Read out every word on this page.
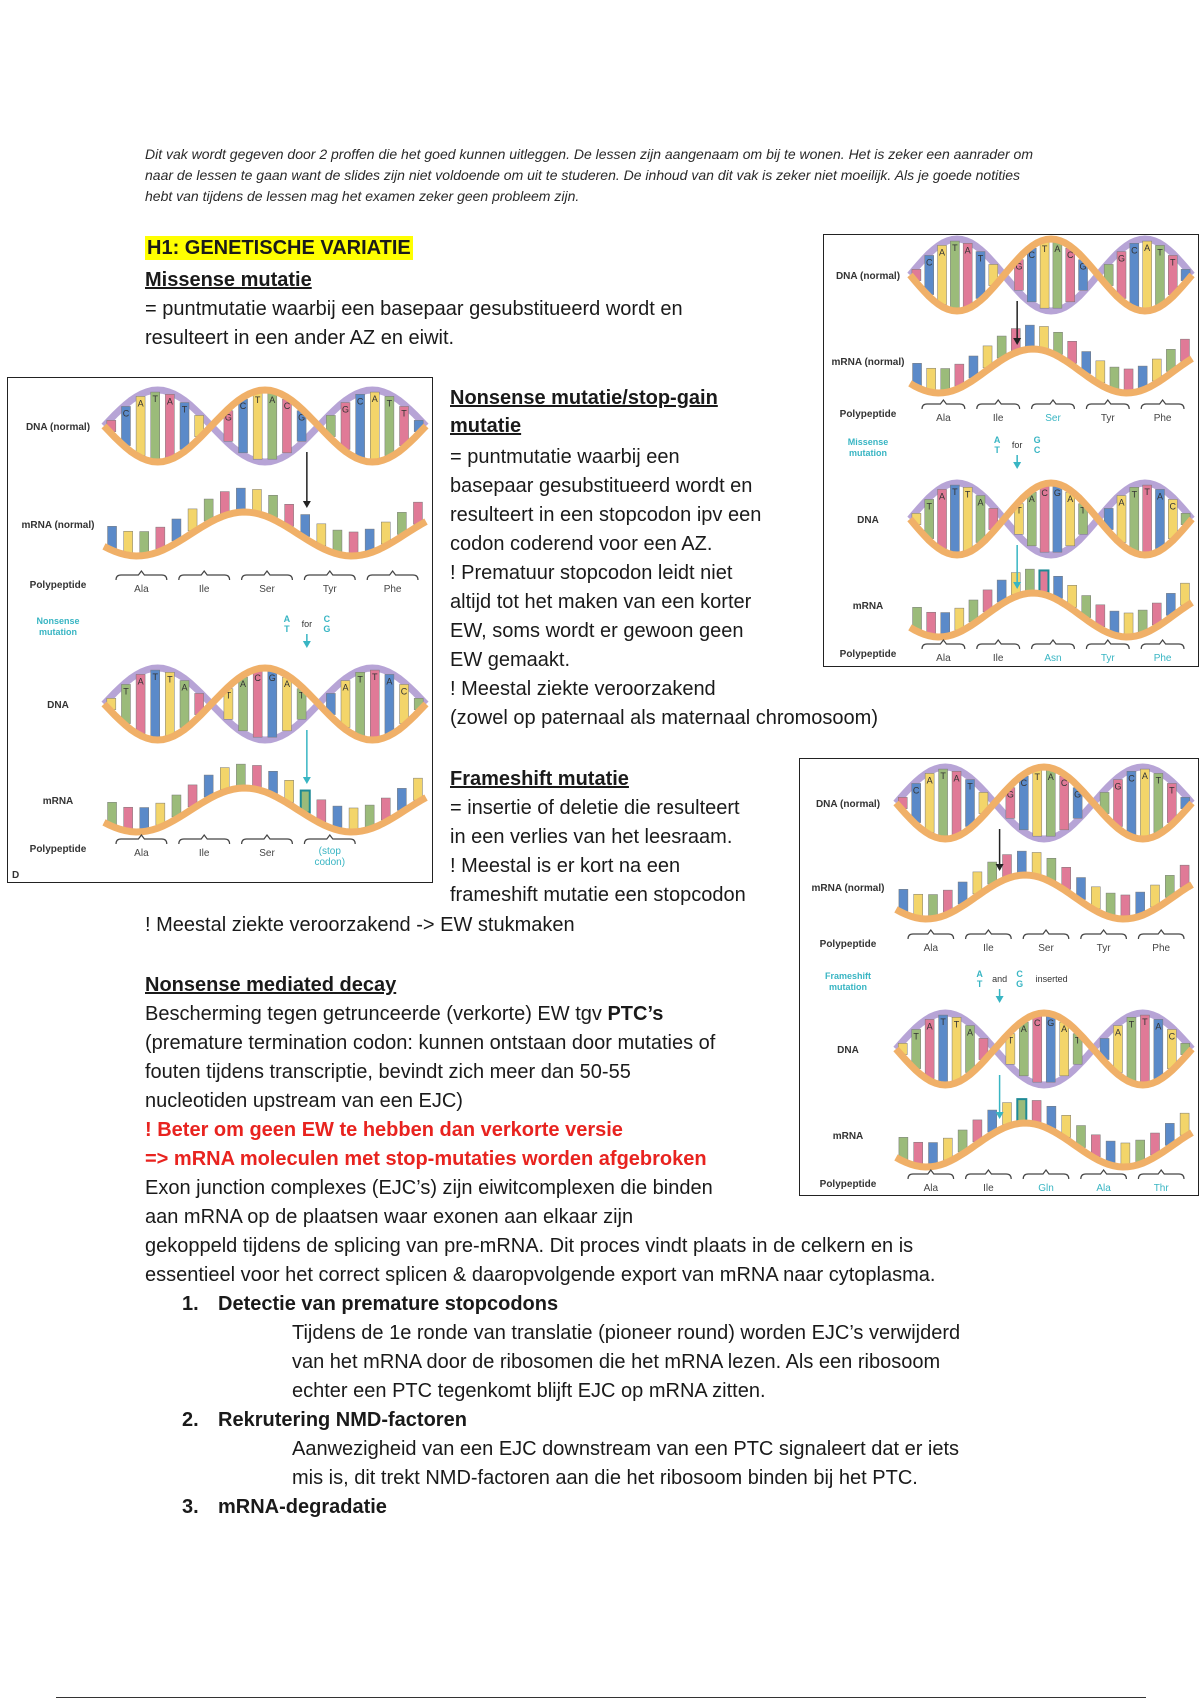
Dit vak wordt gegeven door 2 proffen die het goed kunnen uitleggen. De lessen zijn aangenaam om bij te wonen. Het is zeker een aanrader om naar de lessen te gaan want de slides zijn niet voldoende om uit te studeren. De inhoud van dit vak is zeker niet moeilijk. Als je goede notities hebt van tijdens de lessen mag het examen zeker geen probleem zijn.
H1: GENETISCHE VARIATIE
Missense mutatie
= puntmutatie waarbij een basepaar gesubstitueerd wordt en
resulteert in een ander AZ en eiwit.
Nonsense mutatie/stop-gain
mutatie
= puntmutatie waarbij een
basepaar gesubstitueerd wordt en
resulteert in een stopcodon ipv een
codon coderend voor een AZ.
! Prematuur stopcodon leidt niet
altijd tot het maken van een korter
EW, soms wordt er gewoon geen
EW gemaakt.
! Meestal ziekte veroorzakend
(zowel op paternaal als maternaal chromosoom)
Frameshift mutatie
= insertie of deletie die resulteert
in een verlies van het leesraam.
! Meestal is er kort na een
frameshift mutatie een stopcodon
! Meestal ziekte veroorzakend -> EW stukmaken
Nonsense mediated decay
Bescherming tegen getrunceerde (verkorte) EW tgv PTC’s
(premature termination codon: kunnen ontstaan door mutaties of
fouten tijdens transcriptie, bevindt zich meer dan 50-55
nucleotiden upstream van een EJC)
! Beter om geen EW te hebben dan verkorte versie
=> mRNA moleculen met stop-mutaties worden afgebroken
Exon junction complexes (EJC’s) zijn eiwitcomplexen die binden
aan mRNA op de plaatsen waar exonen aan elkaar zijn
gekoppeld tijdens de splicing van pre-mRNA. Dit proces vindt plaats in de celkern en is
essentieel voor het correct splicen & daaropvolgende export van mRNA naar cytoplasma.
1. Detectie van premature stopcodons
Tijdens de 1e ronde van translatie (pioneer round) worden EJC’s verwijderd
van het mRNA door de ribosomen die het mRNA lezen. Als een ribosoom
echter een PTC tegenkomt blijft EJC op mRNA zitten.
2. Rekrutering NMD-factoren
Aanwezigheid van een EJC downstream van een PTC signaleert dat er iets
mis is, dit trekt NMD-factoren aan die het ribosoom binden bij het PTC.
3. mRNA-degradatie
DNA (normal)
mRNA (normal)
Polypeptide
Missense
mutation
DNA
mRNA
Polypeptide
C
A T A
T
G
C
T A
C
G
G
C A T
T
T
A T T
A
T
A
C G
A
T
A
T T A
C
A
T for G
C
Ala	Ile	Ser	Tyr	Phe
Ala	Ile	Asn	Tyr	Phe
DNA (normal)
mRNA (normal)
Polypeptide
Nonsense
mutation
DNA
mRNA
Polypeptide
C
A T A
T
G
C
T A
C
G
G
C A T
T
T
A T T
A
T
A
C G
A
T
A
T T A
C
A
T for C
G
Ala	Ile	Ser	Tyr	Phe
Ala	Ile	Ser	(stop
codon)
D
DNA (normal)
mRNA (normal)
Polypeptide
Frameshift
mutation
DNA
mRNA
Polypeptide
C
A T A
T
G
C
T A
C
G
G
C A T
T
T
A T T
A
T
A
C G
A
T
A
T T A
C
A
T and C
G inserted
Ala	Ile	Ser	Tyr	Phe
Ala	Ile	Gln	Ala	Thr
